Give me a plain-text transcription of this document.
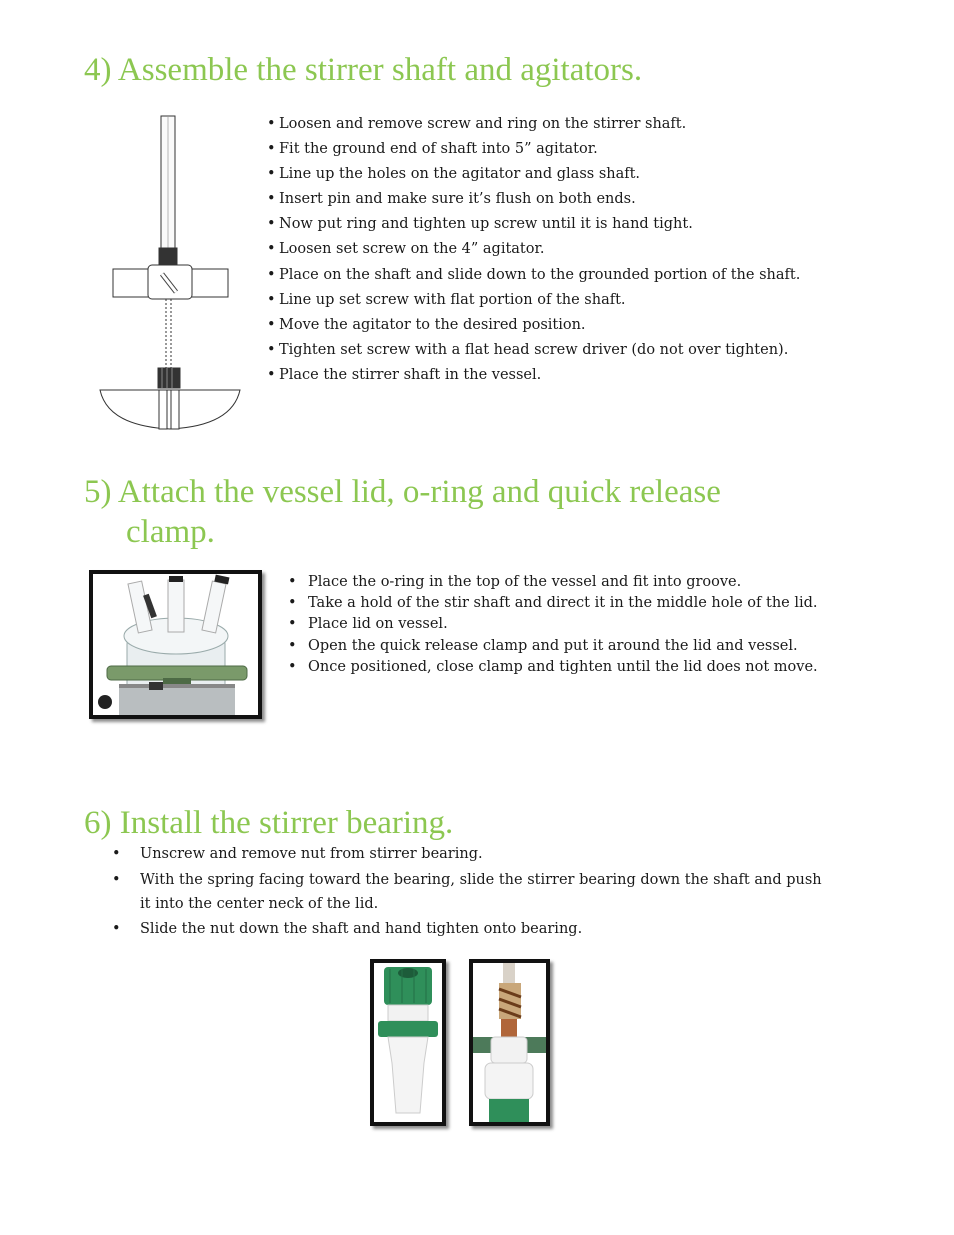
4) Assemble the stirrer shaft and agitators.
• Loosen and remove screw and ring on the stirrer shaft.
• Fit the ground end of shaft into 5” agitator.
• Line up the holes on the agitator and glass shaft.
• Insert pin and make sure it’s flush on both ends.
• Now put ring and tighten up screw until it is hand tight.
• Loosen set screw on the 4” agitator.
• Place on the shaft and slide down to the grounded portion of the shaft.
• Line up set screw with flat portion of the shaft.
• Move the agitator to the desired position.
• Tighten set screw with a flat head screw driver (do not over tighten).
• Place the stirrer shaft in the vessel.
5) Attach the vessel lid, o-ring and quick release
clamp.
• Place the o-ring in the top of the vessel and fit into groove.
• Take a hold of the stir shaft and direct it in the middle hole of the lid.
• Place lid on vessel.
• Open the quick release clamp and put it around the lid and vessel.
• Once positioned, close clamp and tighten until the lid does not move.
6) Install the stirrer bearing.
• Unscrew and remove nut from stirrer bearing.
• With the spring facing toward the bearing, slide the stirrer bearing down the shaft and push it into the center neck of the lid.
• Slide the nut down the shaft and hand tighten onto bearing.
